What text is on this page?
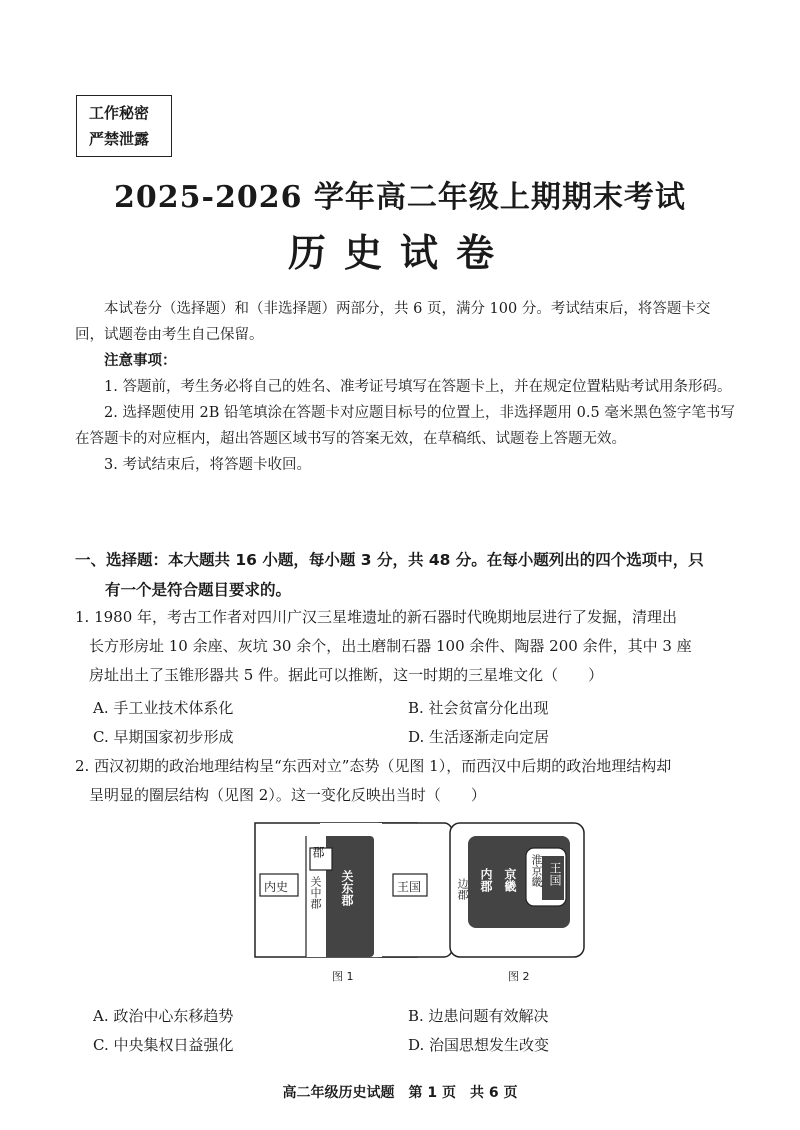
工作秘密
严禁泄露
2025-2026 学年高二年级上期期末考试
历史试卷

本试卷分（选择题）和（非选择题）两部分，共 6 页，满分 100 分。考试结束后，将答题卡交回，试题卷由考生自己保留。

注意事项：

1. 答题前，考生务必将自己的姓名、准考证号填写在答题卡上，并在规定位置粘贴考试用条形码。

2. 选择题使用 2B 铅笔填涂在答题卡对应题目标号的位置上，非选择题用 0.5 毫米黑色签字笔书写在答题卡的对应框内，超出答题区域书写的答案无效，在草稿纸、试题卷上答题无效。

3. 考试结束后，将答题卡收回。

一、选择题：本大题共 16 小题，每小题 3 分，共 48 分。在每小题列出的四个选项中，只
有一个是符合题目要求的。
1. 1980 年，考古工作者对四川广汉三星堆遗址的新石器时代晚期地层进行了发掘，清理出
长方形房址 10 余座、灰坑 30 余个，出土磨制石器 100 余件、陶器 200 余件，其中 3 座
房址出土了玉锥形器共 5 件。据此可以推断，这一时期的三星堆文化（　　）
A. 手工业技术体系化	B. 社会贫富分化出现
C. 早期国家初步形成	D. 生活逐渐走向定居
2. 西汉初期的政治地理结构呈“东西对立”态势（见图 1），而西汉中后期的政治地理结构却
呈明显的圈层结构（见图 2）。这一变化反映出当时（　　）
郡
内史 关中郡 关东郡	王国	边郡 内郡 京畿 淮京畿 王国
图 1	图 2
A. 政治中心东移趋势	B. 边患问题有效解决
C. 中央集权日益强化	D. 治国思想发生改变
高二年级历史试题　第 1 页　共 6 页
